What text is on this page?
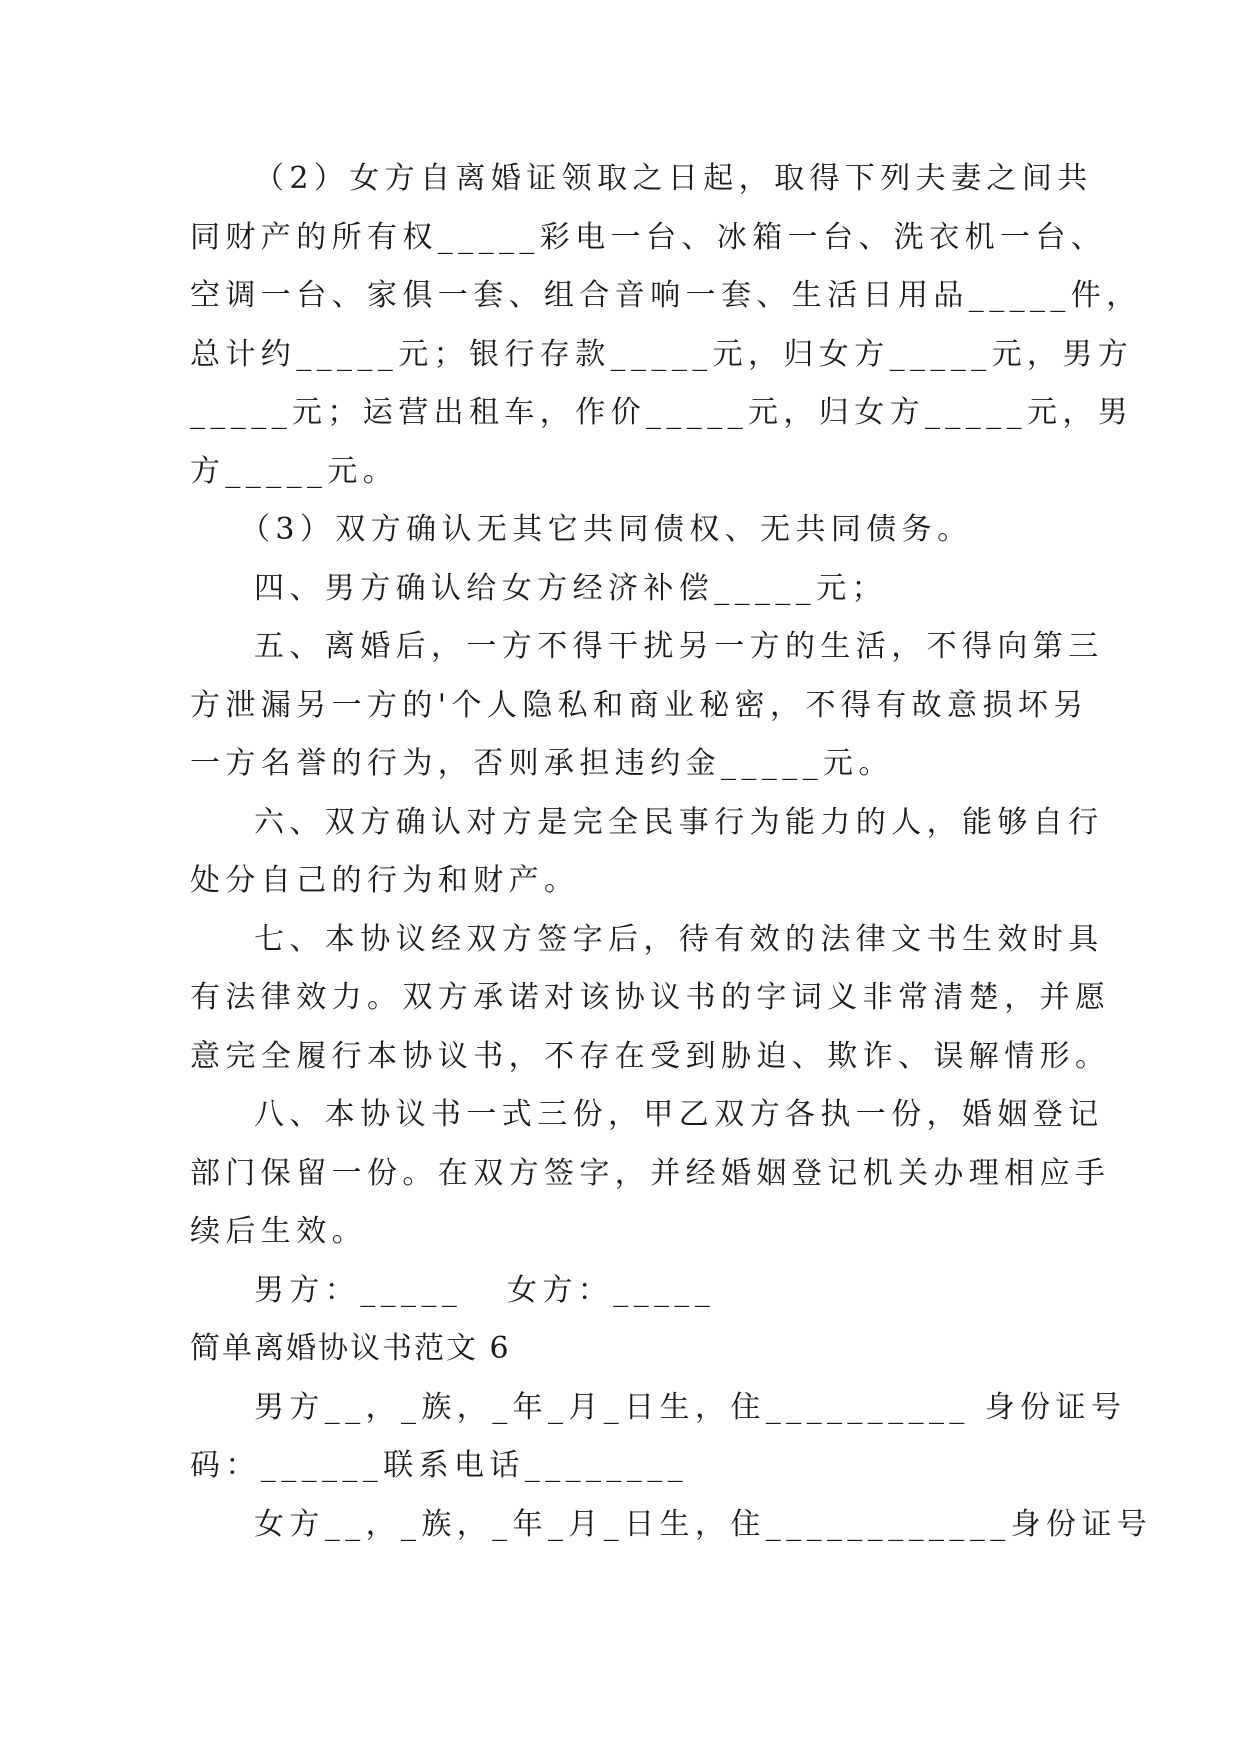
（2）女方自离婚证领取之日起，取得下列夫妻之间共
同财产的所有权_____彩电一台、冰箱一台、洗衣机一台、
空调一台、家俱一套、组合音响一套、生活日用品_____件，
总计约_____元；银行存款_____元，归女方_____元，男方
_____元；运营出租车，作价_____元，归女方_____元，男
方_____元。
（3）双方确认无其它共同债权、无共同债务。
四、男方确认给女方经济补偿_____元；
五、离婚后，一方不得干扰另一方的生活，不得向第三
方泄漏另一方的'个人隐私和商业秘密，不得有故意损坏另
一方名誉的行为，否则承担违约金_____元。
六、双方确认对方是完全民事行为能力的人，能够自行
处分自己的行为和财产。
七、本协议经双方签字后，待有效的法律文书生效时具
有法律效力。双方承诺对该协议书的字词义非常清楚，并愿
意完全履行本协议书，不存在受到胁迫、欺诈、误解情形。
八、本协议书一式三份，甲乙双方各执一份，婚姻登记
部门保留一份。在双方签字，并经婚姻登记机关办理相应手
续后生效。
男方：_____   女方：_____
简单离婚协议书范文 6
男方__，_族，_年_月_日生，住__________ 身份证号
码：______联系电话________
女方__，_族，_年_月_日生，住____________身份证号
